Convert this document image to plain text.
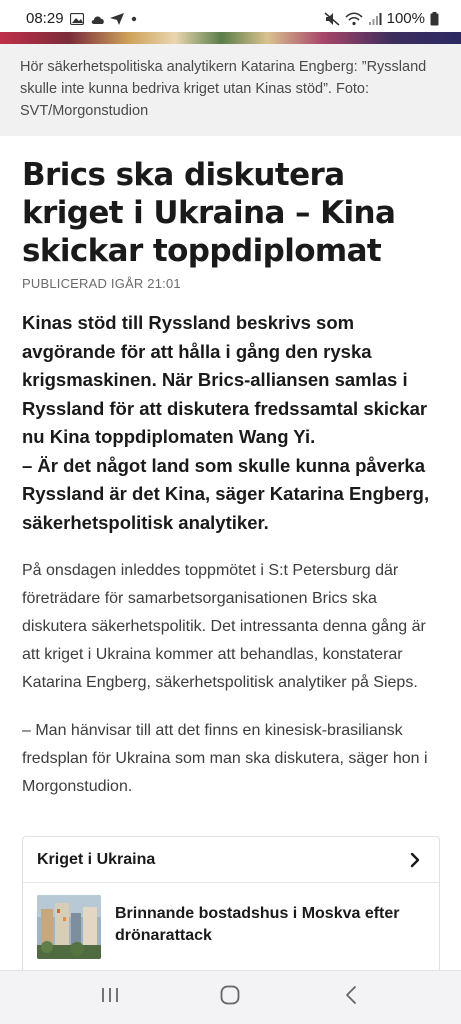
08:29	100%

Hör säkerhetspolitiska analytikern Katarina Engberg: ”Ryssland skulle inte kunna bedriva kriget utan Kinas stöd”. Foto: SVT/Morgonstudion

Brics ska diskutera kriget i Ukraina – Kina skickar toppdiplomat
PUBLICERAD IGÅR 21:01

Kinas stöd till Ryssland beskrivs som avgörande för att hålla i gång den ryska krigsmaskinen. När Brics-alliansen samlas i Ryssland för att diskutera fredssamtal skickar nu Kina toppdiplomaten Wang Yi.
– Är det något land som skulle kunna påverka Ryssland är det Kina, säger Katarina Engberg, säkerhetspolitisk analytiker.

På onsdagen inleddes toppmötet i S:t Petersburg där företrädare för samarbetsorganisationen Brics ska diskutera säkerhetspolitik. Det intressanta denna gång är att kriget i Ukraina kommer att behandlas, konstaterar Katarina Engberg, säkerhetspolitisk analytiker på Sieps.

– Man hänvisar till att det finns en kinesisk-brasiliansk fredsplan för Ukraina som man ska diskutera, säger hon i Morgonstudion.

Kriget i Ukraina
Brinnande bostadshus i Moskva efter drönarattack
